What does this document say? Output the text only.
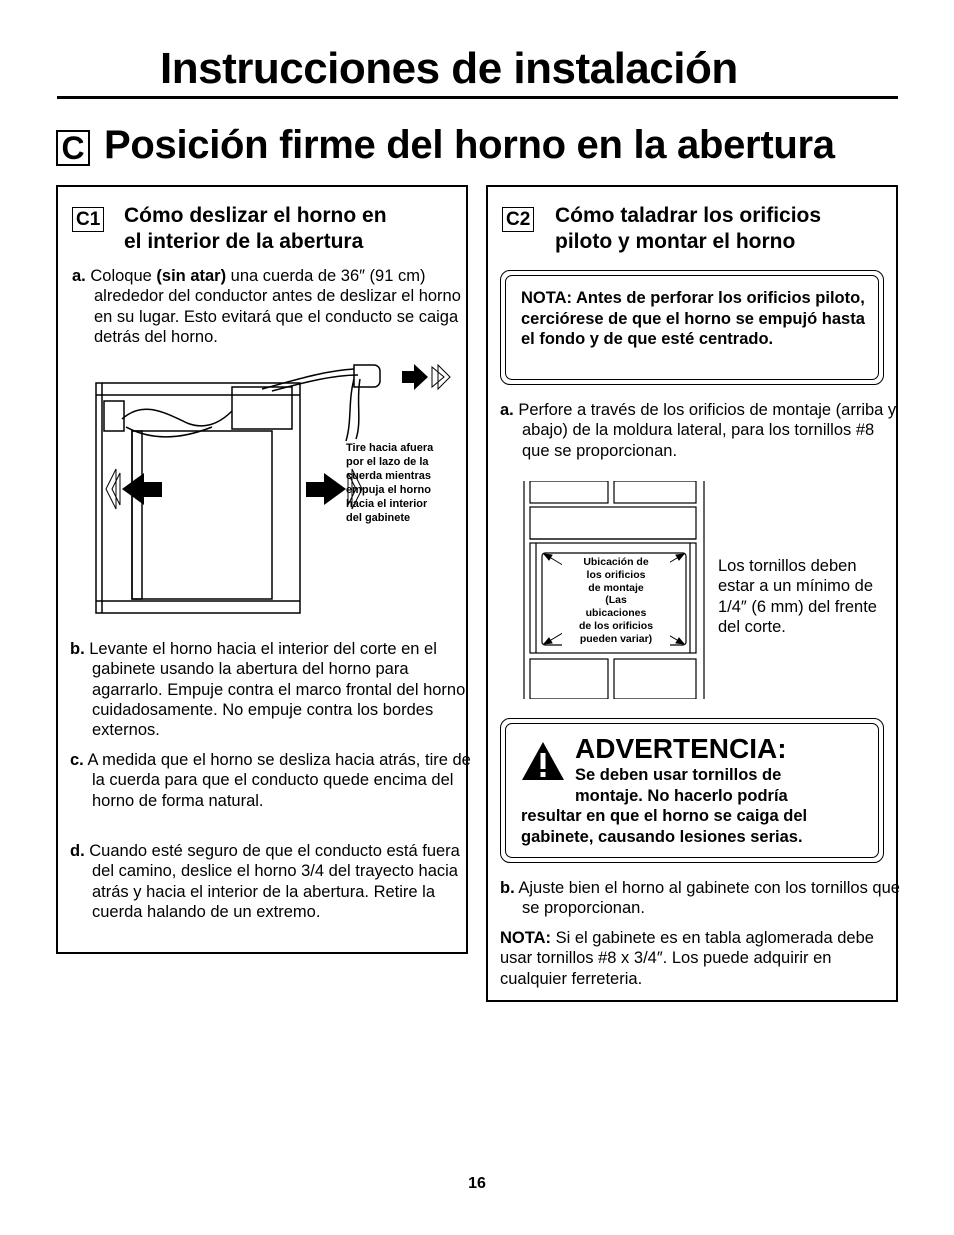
Instrucciones de instalación
C Posición firme del horno en la abertura
C1 Cómo deslizar el horno en
el interior de la abertura
a. Coloque (sin atar) una cuerda de 36″ (91 cm) alrededor del conductor antes de deslizar el horno en su lugar. Esto evitará que el conducto se caiga detrás del horno.
Tire hacia afuera
por el lazo de la
cuerda mientras
empuja el horno
hacia el interior
del gabinete
b. Levante el horno hacia el interior del corte en el gabinete usando la abertura del horno para agarrarlo. Empuje contra el marco frontal del horno cuidadosamente. No empuje contra los bordes externos.
c. A medida que el horno se desliza hacia atrás, tire de la cuerda para que el conducto quede encima del horno de forma natural.
d. Cuando esté seguro de que el conducto está fuera del camino, deslice el horno 3/4 del trayecto hacia atrás y hacia el interior de la abertura. Retire la cuerda halando de un extremo.
C2 Cómo taladrar los orificios
piloto y montar el horno
NOTA: Antes de perforar los orificios piloto, cerciórese de que el horno se empujó hasta el fondo y de que esté centrado.
a. Perfore a través de los orificios de montaje (arriba y abajo) de la moldura lateral, para los tornillos #8 que se proporcionan.
Ubicación de
los orificios
de montaje
(Las
ubicaciones
de los orificios
pueden variar)
Los tornillos deben estar a un mínimo de 1/4″ (6 mm) del frente del corte.
ADVERTENCIA:
Se deben usar tornillos de
montaje. No hacerlo podría
resultar en que el horno se caiga del gabinete, causando lesiones serias.
b. Ajuste bien el horno al gabinete con los tornillos que se proporcionan.
NOTA: Si el gabinete es en tabla aglomerada debe usar tornillos #8 x 3/4″. Los puede adquirir en cualquier ferreteria.
16
